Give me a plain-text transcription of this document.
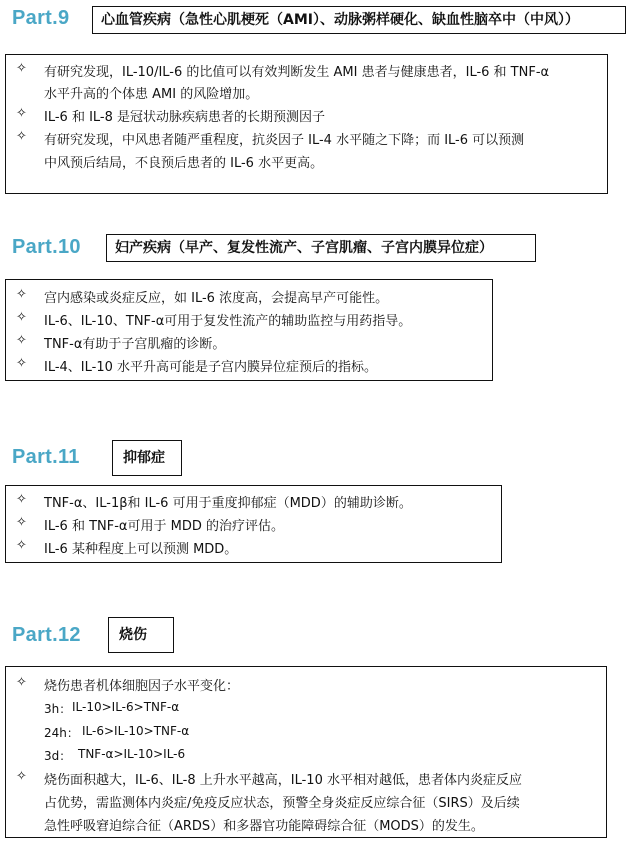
Part.9	心血管疾病（急性心肌梗死（AMI）、动脉粥样硬化、缺血性脑卒中（中风））
✧ 有研究发现，IL-10/IL-6 的比值可以有效判断发生 AMI 患者与健康患者，IL-6 和 TNF-α
水平升高的个体患 AMI 的风险增加。
✧ IL-6 和 IL-8 是冠状动脉疾病患者的长期预测因子
✧ 有研究发现，中风患者随严重程度，抗炎因子 IL-4 水平随之下降；而 IL-6 可以预测
中风预后结局，不良预后患者的 IL-6 水平更高。
Part.10	妇产疾病（早产、复发性流产、子宫肌瘤、子宫内膜异位症）
✧ 宫内感染或炎症反应，如 IL-6 浓度高，会提高早产可能性。
✧ IL-6、IL-10、TNF-α可用于复发性流产的辅助监控与用药指导。
✧ TNF-α有助于子宫肌瘤的诊断。
✧ IL-4、IL-10 水平升高可能是子宫内膜异位症预后的指标。
Part.11	抑郁症
✧ TNF-α、IL-1β和 IL-6 可用于重度抑郁症（MDD）的辅助诊断。
✧ IL-6 和 TNF-α可用于 MDD 的治疗评估。
✧ IL-6 某种程度上可以预测 MDD。
Part.12	烧伤
✧ 烧伤患者机体细胞因子水平变化：
3h： IL-10>IL-6>TNF-α
24h： IL-6>IL-10>TNF-α
3d： TNF-α>IL-10>IL-6
✧ 烧伤面积越大，IL-6、IL-8 上升水平越高，IL-10 水平相对越低，患者体内炎症反应
占优势，需监测体内炎症/免疫反应状态，预警全身炎症反应综合征（SIRS）及后续
急性呼吸窘迫综合征（ARDS）和多器官功能障碍综合征（MODS）的发生。
